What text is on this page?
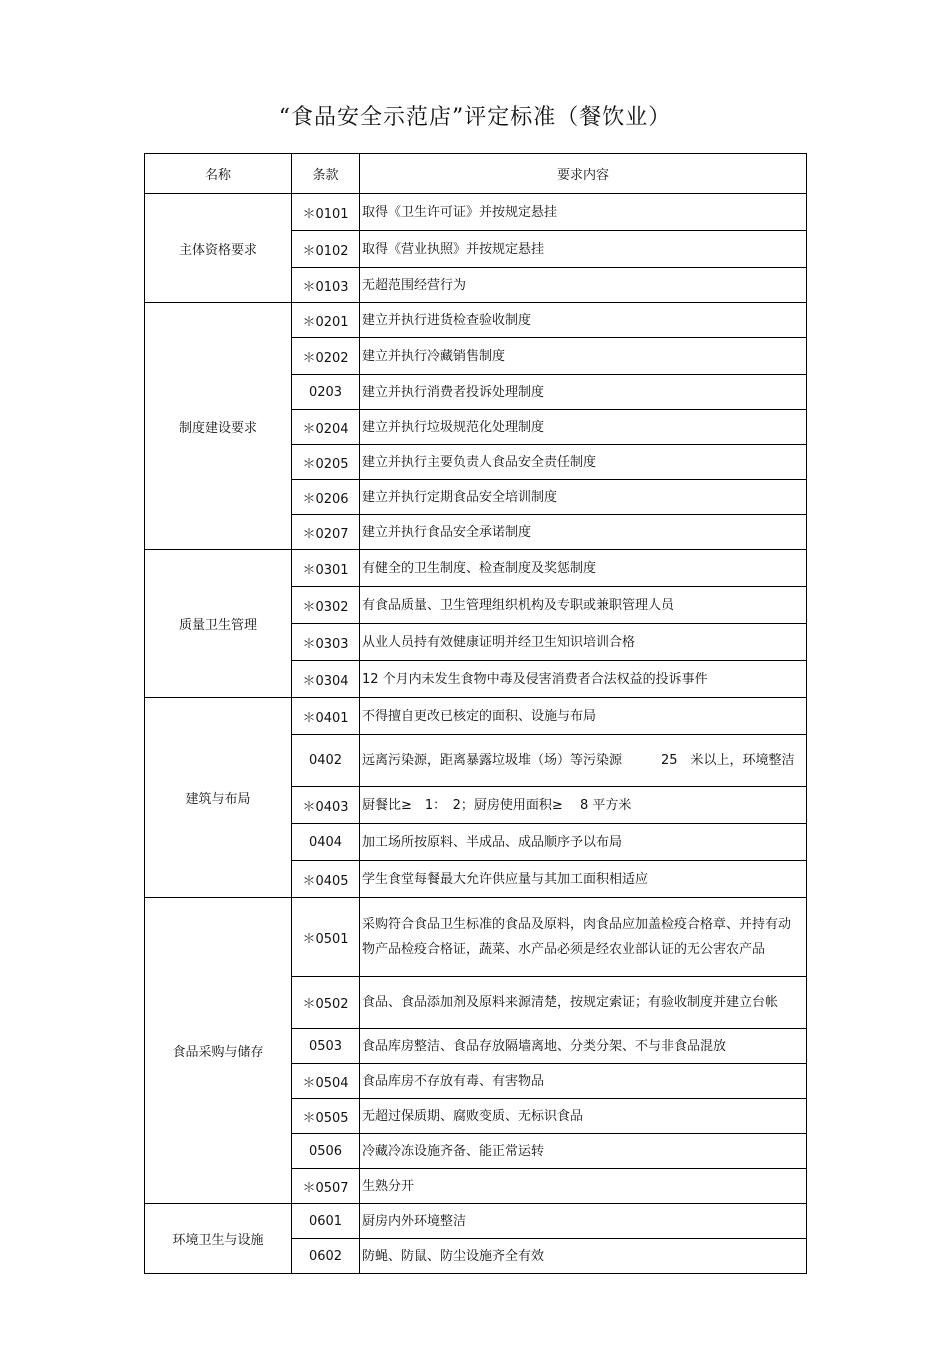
“食品安全示范店”评定标准（餐饮业）
名称	条款	要求内容
主体资格要求	＊0101	取得《卫生许可证》并按规定悬挂
	＊0102	取得《营业执照》并按规定悬挂
	＊0103	无超范围经营行为
制度建设要求	＊0201	建立并执行进货检查验收制度
	＊0202	建立并执行冷藏销售制度
	0203	建立并执行消费者投诉处理制度
	＊0204	建立并执行垃圾规范化处理制度
	＊0205	建立并执行主要负责人食品安全责任制度
	＊0206	建立并执行定期食品安全培训制度
	＊0207	建立并执行食品安全承诺制度
质量卫生管理	＊0301	有健全的卫生制度、检查制度及奖惩制度
	＊0302	有食品质量、卫生管理组织机构及专职或兼职管理人员
	＊0303	从业人员持有效健康证明并经卫生知识培训合格
	＊0304	12 个月内未发生食物中毒及侵害消费者合法权益的投诉事件
建筑与布局	＊0401	不得擅自更改已核定的面积、设施与布局
	0402	远离污染源，距离暴露垃圾堆（场）等污染源　　　25　米以上，环境整洁
	＊0403	厨餐比≥　1：　2；厨房使用面积≥　 8 平方米
	0404	加工场所按原料、半成品、成品顺序予以布局
	＊0405	学生食堂每餐最大允许供应量与其加工面积相适应
食品采购与储存	＊0501	采购符合食品卫生标准的食品及原料，肉食品应加盖检疫合格章、并持有动物产品检疫合格证，蔬菜、水产品必须是经农业部认证的无公害农产品
	＊0502	食品、食品添加剂及原料来源清楚，按规定索证；有验收制度并建立台帐
	0503	食品库房整洁、食品存放隔墙离地、分类分架、不与非食品混放
	＊0504	食品库房不存放有毒、有害物品
	＊0505	无超过保质期、腐败变质、无标识食品
	0506	冷藏冷冻设施齐备、能正常运转
	＊0507	生熟分开
环境卫生与设施	0601	厨房内外环境整洁
	0602	防蝇、防鼠、防尘设施齐全有效
